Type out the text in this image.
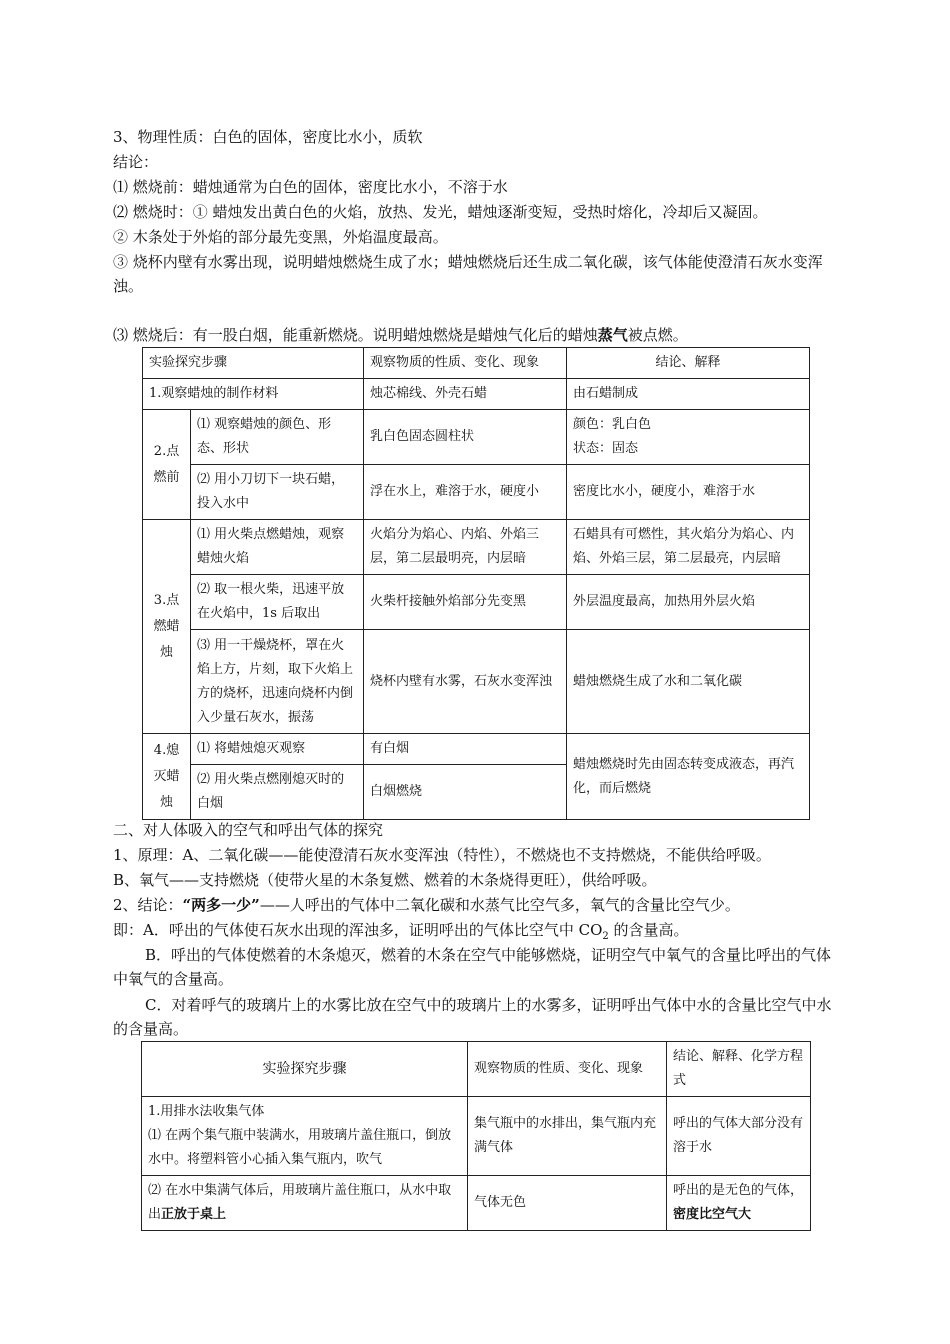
3、物理性质：白色的固体，密度比水小，质软
结论：
⑴ 燃烧前：蜡烛通常为白色的固体，密度比水小，不溶于水
⑵ 燃烧时：① 蜡烛发出黄白色的火焰，放热、发光，蜡烛逐渐变短，受热时熔化，冷却后又凝固。
② 木条处于外焰的部分最先变黑，外焰温度最高。
③ 烧杯内壁有水雾出现，说明蜡烛燃烧生成了水；蜡烛燃烧后还生成二氧化碳，该气体能使澄清石灰水变浑浊。
⑶ 燃烧后：有一股白烟，能重新燃烧。说明蜡烛燃烧是蜡烛气化后的蜡烛蒸气被点燃。
实验探究步骤		观察物质的性质、变化、现象	结论、解释
1.观察蜡烛的制作材料		烛芯棉线、外壳石蜡	由石蜡制成
2.点燃前	⑴ 观察蜡烛的颜色、形态、形状	乳白色固态圆柱状	颜色：乳白色
状态：固态

	⑵ 用小刀切下一块石蜡，投入水中	浮在水上，难溶于水，硬度小	密度比水小，硬度小，难溶于水
3.点燃蜡烛	⑴ 用火柴点燃蜡烛，观察蜡烛火焰	火焰分为焰心、内焰、外焰三层，第二层最明亮，内层暗	石蜡具有可燃性，其火焰分为焰心、内焰、外焰三层，第二层最亮，内层暗
	⑵ 取一根火柴，迅速平放在火焰中，1s 后取出	火柴杆接触外焰部分先变黑	外层温度最高，加热用外层火焰
	⑶ 用一干燥烧杯，罩在火焰上方，片刻，取下火焰上方的烧杯，迅速向烧杯内倒入少量石灰水，振荡	烧杯内壁有水雾，石灰水变浑浊	蜡烛燃烧生成了水和二氧化碳
4.熄灭蜡烛	⑴ 将蜡烛熄灭观察	有白烟	蜡烛燃烧时先由固态转变成液态，再汽化，而后燃烧
	⑵ 用火柴点燃刚熄灭时的白烟	白烟燃烧	
二、对人体吸入的空气和呼出气体的探究
1、原理：A、二氧化碳——能使澄清石灰水变浑浊（特性），不燃烧也不支持燃烧，不能供给呼吸。
B、氧气——支持燃烧（使带火星的木条复燃、燃着的木条烧得更旺），供给呼吸。
2、结论：“两多一少”——人呼出的气体中二氧化碳和水蒸气比空气多，氧气的含量比空气少。
即：A．呼出的气体使石灰水出现的浑浊多，证明呼出的气体比空气中 $CO_2$ 的含量高。
B．呼出的气体使燃着的木条熄灭，燃着的木条在空气中能够燃烧，证明空气中氧气的含量比呼出的气体中氧气的含量高。
C．对着呼气的玻璃片上的水雾比放在空气中的玻璃片上的水雾多，证明呼出气体中水的含量比空气中水的含量高。
实验探究步骤	观察物质的性质、变化、现象	结论、解释、化学方程式

1.用排水法收集气体
⑴ 在两个集气瓶中装满水，用玻璃片盖住瓶口，倒放水中。将塑料管小心插入集气瓶内，吹气	集气瓶中的水排出，集气瓶内充满气体	呼出的气体大部分没有溶于水
⑵ 在水中集满气体后，用玻璃片盖住瓶口，从水中取出正放于桌上	气体无色	呼出的是无色的气体，密度比空气大
